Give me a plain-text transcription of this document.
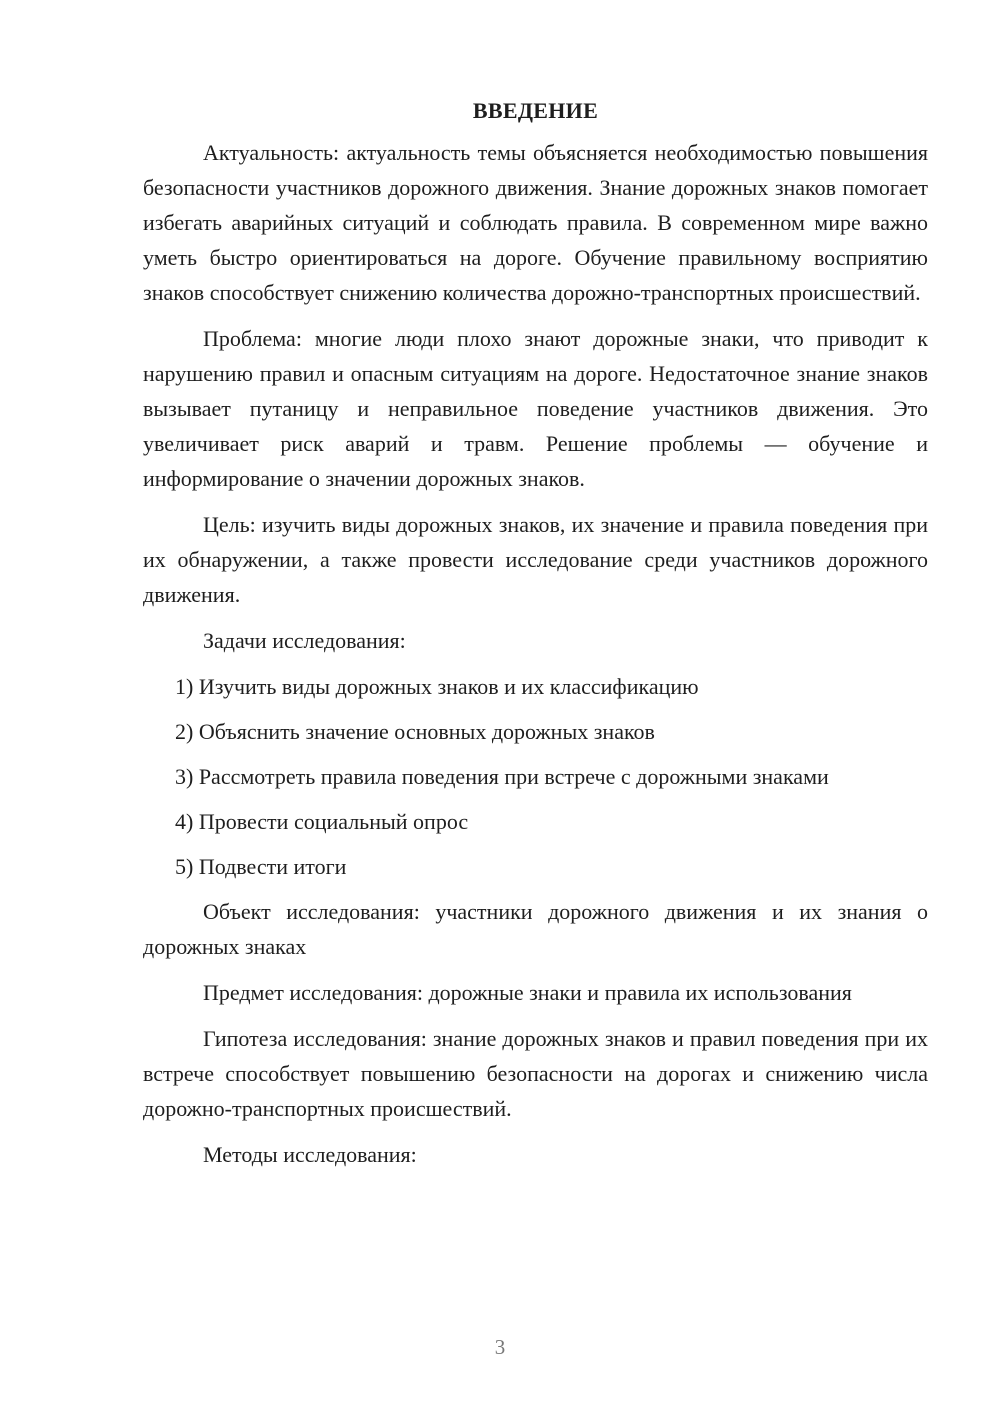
ВВЕДЕНИЕ

Актуальность: актуальность темы объясняется необходимостью повышения безопасности участников дорожного движения. Знание дорожных знаков помогает избегать аварийных ситуаций и соблюдать правила. В современном мире важно уметь быстро ориентироваться на дороге. Обучение правильному восприятию знаков способствует снижению количества дорожно-транспортных происшествий.

Проблема: многие люди плохо знают дорожные знаки, что приводит к нарушению правил и опасным ситуациям на дороге. Недостаточное знание знаков вызывает путаницу и неправильное поведение участников движения. Это увеличивает риск аварий и травм. Решение проблемы — обучение и информирование о значении дорожных знаков.

Цель: изучить виды дорожных знаков, их значение и правила поведения при их обнаружении, а также провести исследование среди участников дорожного движения.

Задачи исследования:

1) Изучить виды дорожных знаков и их классификацию
2) Объяснить значение основных дорожных знаков
3) Рассмотреть правила поведения при встрече с дорожными знаками
4) Провести социальный опрос
5) Подвести итоги

Объект исследования: участники дорожного движения и их знания о дорожных знаках

Предмет исследования: дорожные знаки и правила их использования

Гипотеза исследования: знание дорожных знаков и правил поведения при их встрече способствует повышению безопасности на дорогах и снижению числа дорожно-транспортных происшествий.

Методы исследования:

3
